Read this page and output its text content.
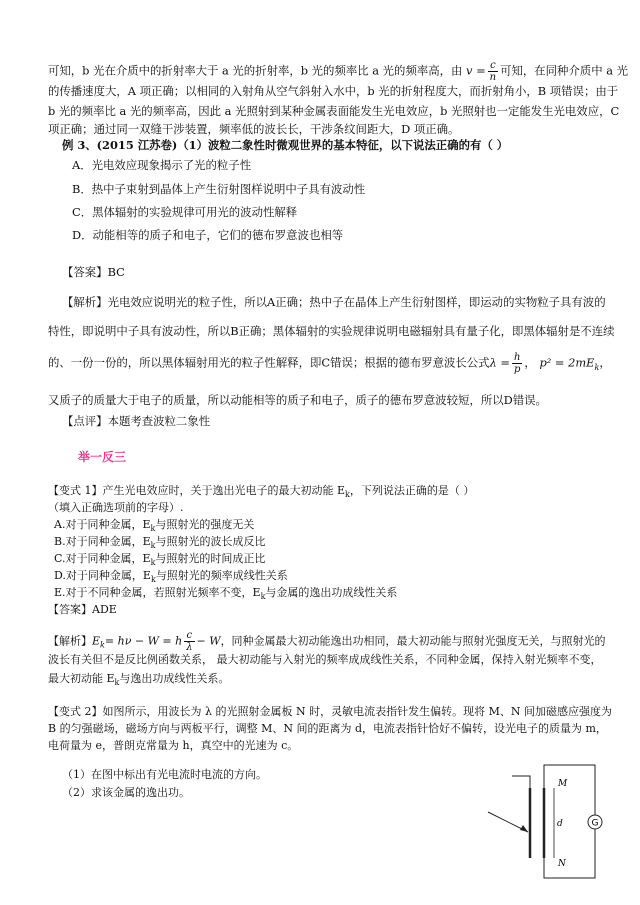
可知，b 光在介质中的折射率大于 a 光的折射率，b 光的频率比 a 光的频率高，由 $v = \frac{c}{n}$ 可知，在同种介质中 a 光
的传播速度大，A 项正确；以相同的入射角从空气斜射入水中，b 光的折射程度大，而折射角小，B 项错误；由于
b 光的频率比 a 光的频率高，因此 a 光照射到某种金属表面能发生光电效应，b 光照射也一定能发生光电效应，C
项正确；通过同一双缝干涉装置，频率低的波长长，干涉条纹间距大，D 项正确。
例 3、(2015 江苏卷)（1）波粒二象性时微观世界的基本特征，以下说法正确的有（ ）
A．光电效应现象揭示了光的粒子性
B．热中子束射到晶体上产生衍射图样说明中子具有波动性
C．黑体辐射的实验规律可用光的波动性解释
D．动能相等的质子和电子，它们的德布罗意波也相等
【答案】BC
【解析】光电效应说明光的粒子性，所以A正确；热中子在晶体上产生衍射图样，即运动的实物粒子具有波的
特性，即说明中子具有波动性，所以B正确；黑体辐射的实验规律说明电磁辐射具有量子化，即黑体辐射是不连续
的、一份一份的，所以黑体辐射用光的粒子性解释，即C错误；根据的德布罗意波长公式$\lambda = \frac{h}{p}$ ， $p^2 = 2mE_k$，
又质子的质量大于电子的质量，所以动能相等的质子和电子，质子的德布罗意波较短，所以D错误。
【点评】本题考查波粒二象性
举一反三
【变式 1】产生光电效应时，关于逸出光电子的最大初动能 $E_k$，下列说法正确的是（ ）
（填入正确选项前的字母）.
A.对于同种金属，$E_k$与照射光的强度无关
B.对于同种金属，$E_k$与照射光的波长成反比
C.对于同种金属，$E_k$与照射光的时间成正比
D.对于同种金属，$E_k$与照射光的频率成线性关系
E.对于不同种金属，若照射光频率不变，$E_k$与金属的逸出功成线性关系
【答案】ADE
【解析】$E_k= h\nu - W = h \frac{c}{\lambda} - W$，同种金属最大初动能逸出功相同，最大初动能与照射光强度无关，与照射光的
波长有关但不是反比例函数关系， 最大初动能与入射光的频率成成线性关系，不同种金属，保持入射光频率不变，
最大初动能 $E_k$与逸出功成线性关系。
【变式 2】如图所示，用波长为 λ 的光照射金属板 N 时，灵敏电流表指针发生偏转。现将 M、N 间加磁感应强度为
B 的匀强磁场，磁场方向与两板平行，调整 M、N 间的距离为 d，电流表指针恰好不偏转，设光电子的质量为 m，
电荷量为 e，普朗克常量为 h，真空中的光速为 c。
（1）在图中标出有光电流时电流的方向。
（2）求该金属的逸出功。
d
M
N
G
